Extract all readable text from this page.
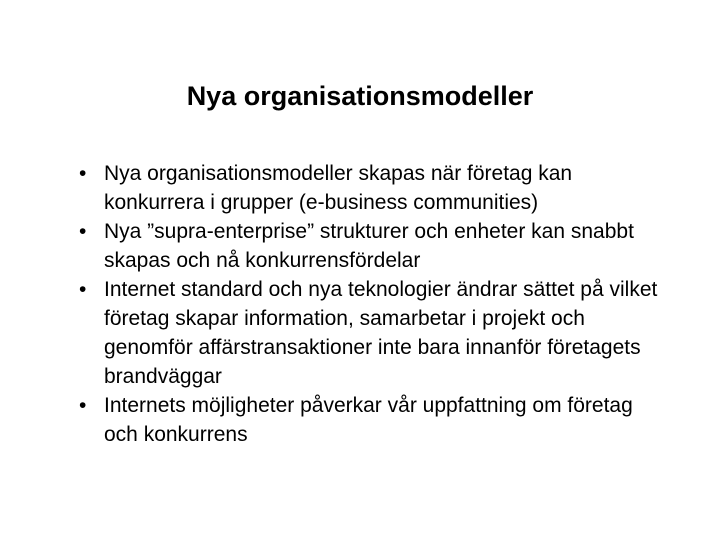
Nya organisationsmodeller
• Nya organisationsmodeller skapas när företag kan konkurrera i grupper (e-business communities)
• Nya ”supra-enterprise” strukturer och enheter kan snabbt skapas och nå konkurrensfördelar
• Internet standard och nya teknologier ändrar sättet på vilket företag skapar information, samarbetar i projekt och genomför affärstransaktioner inte bara innanför företagets brandväggar
• Internets möjligheter påverkar vår uppfattning om företag och konkurrens
